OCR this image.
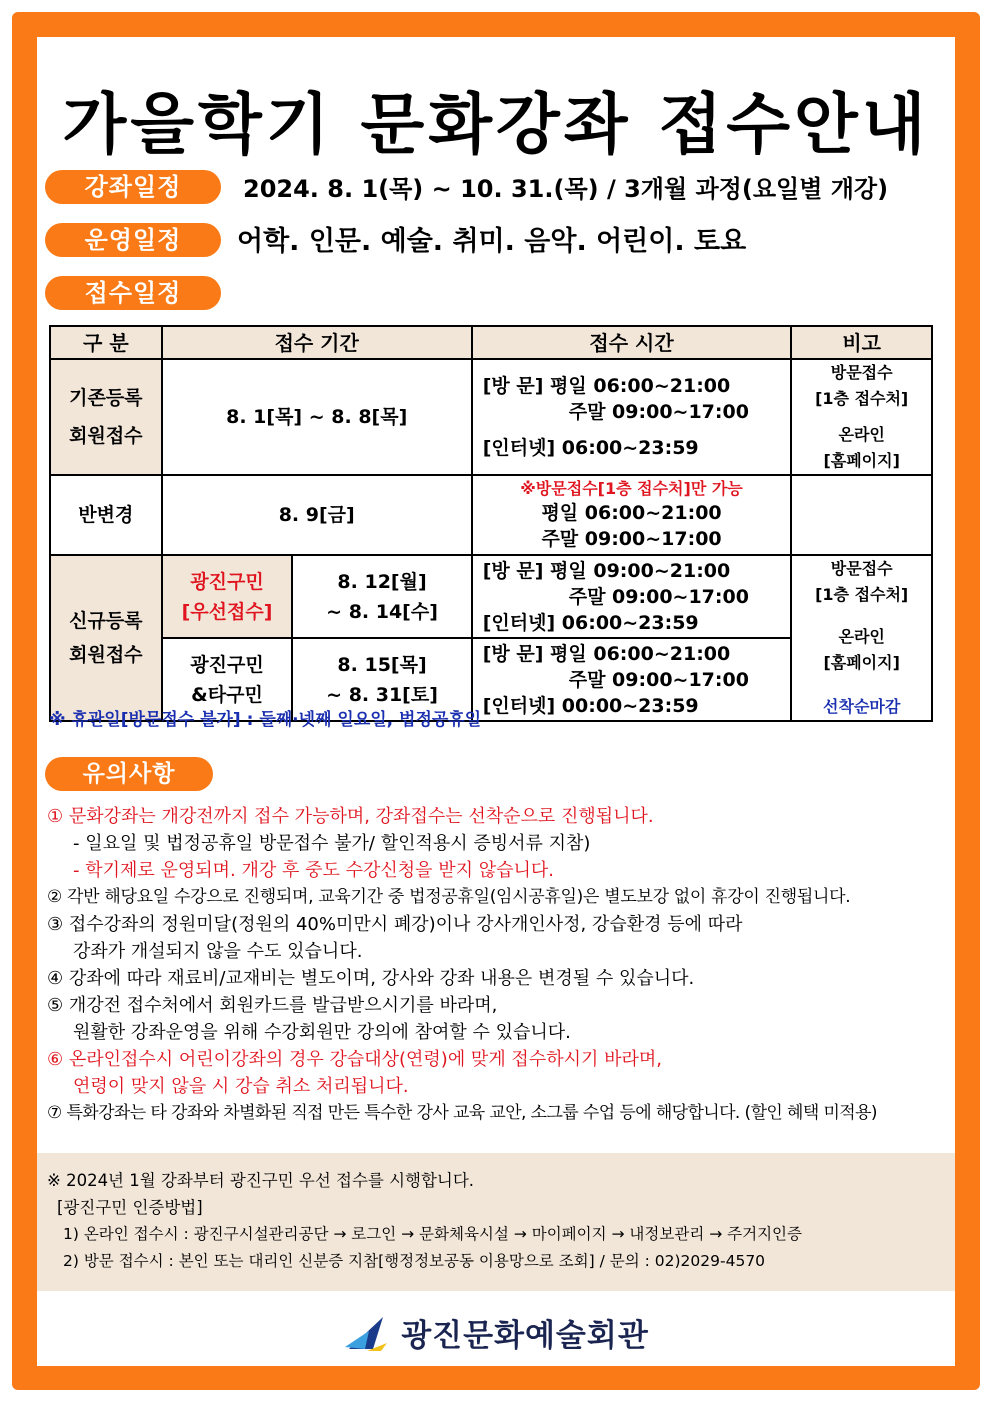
가을학기 문화강좌 접수안내
강좌일정	2024. 8. 1(목) ~ 10. 31.(목) / 3개월 과정(요일별 개강)
운영일정	어학. 인문. 예술. 취미. 음악. 어린이. 토요
접수일정
구 분	접수 기간		접수 시간	비고

기존등록
회원접수	8. 1[목] ~ 8. 8[목]		[방 문] 평일 06:00~21:00
주말 09:00~17:00
[인터넷] 06:00~23:59	방문접수
[1층 접수처]
온라인
[홈페이지]

반변경	8. 9[금]		※방문접수[1층 접수처]만 가능
평일 06:00~21:00
주말 09:00~17:00	

신규등록
회원접수	광진구민
[우선접수]	8. 12[월]
~ 8. 14[수]	[방 문] 평일 09:00~21:00
주말 09:00~17:00
[인터넷] 06:00~23:59	방문접수
[1층 접수처]
온라인
[홈페이지]
선착순마감

	광진구민
&타구민	8. 15[목]
~ 8. 31[토]	[방 문] 평일 06:00~21:00
주말 09:00~17:00
[인터넷] 00:00~23:59	
※ 휴관일[방문접수 불가] : 둘째·넷째 일요일, 법정공휴일
유의사항
① 문화강좌는 개강전까지 접수 가능하며, 강좌접수는 선착순으로 진행됩니다.
- 일요일 및 법정공휴일 방문접수 불가/ 할인적용시 증빙서류 지참)
- 학기제로 운영되며. 개강 후 중도 수강신청을 받지 않습니다.
② 각반 해당요일 수강으로 진행되며, 교육기간 중 법정공휴일(임시공휴일)은 별도보강 없이 휴강이 진행됩니다.
③ 접수강좌의 정원미달(정원의 40%미만시 폐강)이나 강사개인사정, 강습환경 등에 따라
강좌가 개설되지 않을 수도 있습니다.
④ 강좌에 따라 재료비/교재비는 별도이며, 강사와 강좌 내용은 변경될 수 있습니다.
⑤ 개강전 접수처에서 회원카드를 발급받으시기를 바라며,
원활한 강좌운영을 위해 수강회원만 강의에 참여할 수 있습니다.
⑥ 온라인접수시 어린이강좌의 경우 강습대상(연령)에 맞게 접수하시기 바라며,
연령이 맞지 않을 시 강습 취소 처리됩니다.
⑦ 특화강좌는 타 강좌와 차별화된 직접 만든 특수한 강사 교육 교안, 소그룹 수업 등에 해당합니다. (할인 혜택 미적용)
※ 2024년 1월 강좌부터 광진구민 우선 접수를 시행합니다.
[광진구민 인증방법]
1) 온라인 접수시 : 광진구시설관리공단 → 로그인 → 문화체육시설 → 마이페이지 → 내정보관리 → 주거지인증
2) 방문 접수시 : 본인 또는 대리인 신분증 지참[행정정보공동 이용망으로 조회] / 문의 : 02)2029-4570
광진문화예술회관
